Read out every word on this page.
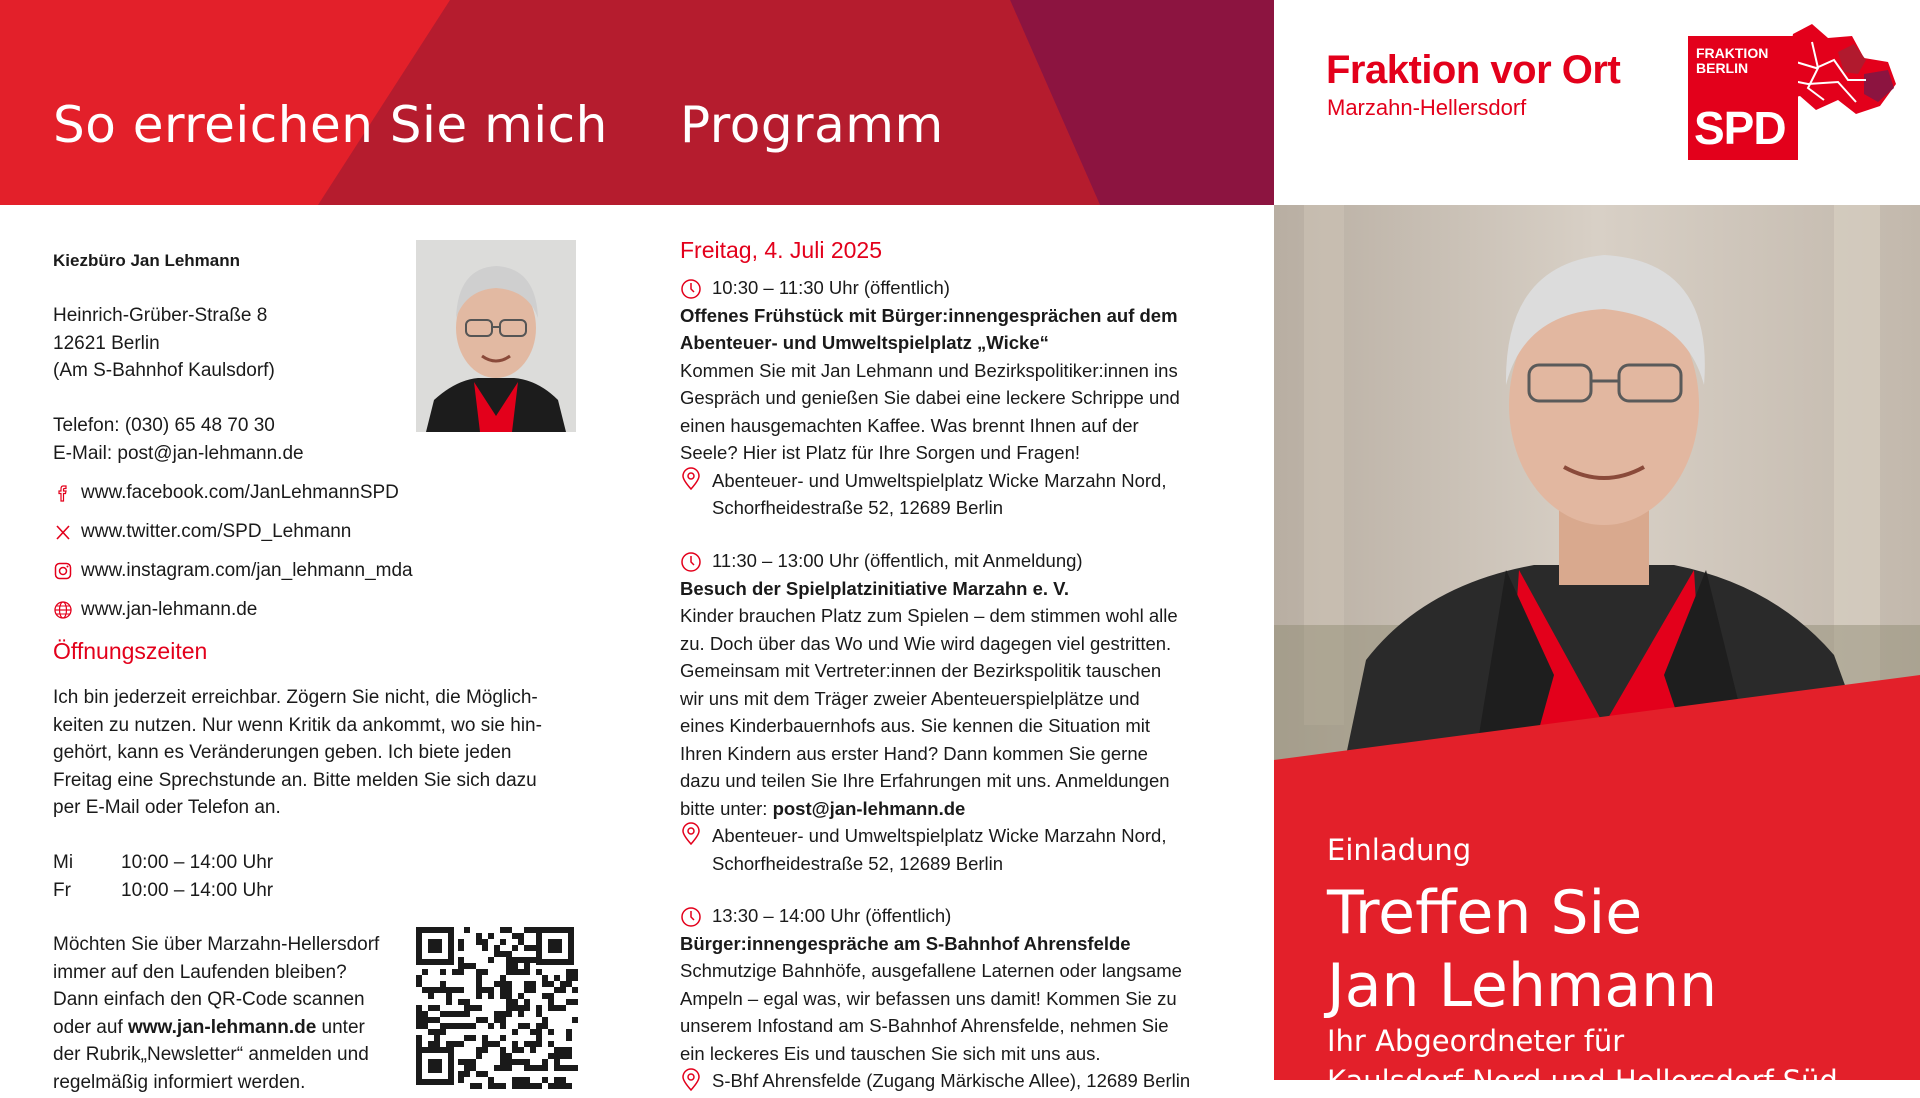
So erreichen Sie mich Programm
Fraktion vor Ort
Marzahn-Hellersdorf
FRAKTION
BERLIN
SPD
Kiezbüro Jan Lehmann
Heinrich-Grüber-Straße 8
12621 Berlin
(Am S-Bahnhof Kaulsdorf)
Telefon: (030) 65 48 70 30
E-Mail: post@jan-lehmann.de
www.facebook.com/JanLehmannSPD
www.twitter.com/SPD_Lehmann
www.instagram.com/jan_lehmann_mda
www.jan-lehmann.de
Öffnungszeiten
Ich bin jederzeit erreichbar. Zögern Sie nicht, die Möglich-
keiten zu nutzen. Nur wenn Kritik da ankommt, wo sie hin-
gehört, kann es Veränderungen geben. Ich biete jeden
Freitag eine Sprechstunde an. Bitte melden Sie sich dazu
per E-Mail oder Telefon an.
Mi	10:00 – 14:00 Uhr
Fr	10:00 – 14:00 Uhr
Möchten Sie über Marzahn-Hellersdorf
immer auf den Laufenden bleiben?
Dann einfach den QR-Code scannen
oder auf www.jan-lehmann.de unter
der Rubrik„Newsletter“ anmelden und
regelmäßig informiert werden.
Freitag, 4. Juli 2025
10:30 – 11:30 Uhr (öffentlich)
Offenes Frühstück mit Bürger:innengesprächen auf dem
Abenteuer- und Umweltspielplatz „Wicke“
Kommen Sie mit Jan Lehmann und Bezirkspolitiker:innen ins
Gespräch und genießen Sie dabei eine leckere Schrippe und
einen hausgemachten Kaffee. Was brennt Ihnen auf der
Seele? Hier ist Platz für Ihre Sorgen und Fragen!
Abenteuer- und Umweltspielplatz Wicke Marzahn Nord,
Schorfheidestraße 52, 12689 Berlin
11:30 – 13:00 Uhr (öffentlich, mit Anmeldung)
Besuch der Spielplatzinitiative Marzahn e. V.
Kinder brauchen Platz zum Spielen – dem stimmen wohl alle
zu. Doch über das Wo und Wie wird dagegen viel gestritten.
Gemeinsam mit Vertreter:innen der Bezirkspolitik tauschen
wir uns mit dem Träger zweier Abenteuerspielplätze und
eines Kinderbauernhofs aus. Sie kennen die Situation mit
Ihren Kindern aus erster Hand? Dann kommen Sie gerne
dazu und teilen Sie Ihre Erfahrungen mit uns. Anmeldungen
bitte unter: post@jan-lehmann.de
Abenteuer- und Umweltspielplatz Wicke Marzahn Nord,
Schorfheidestraße 52, 12689 Berlin
13:30 – 14:00 Uhr (öffentlich)
Bürger:innengespräche am S-Bahnhof Ahrensfelde
Schmutzige Bahnhöfe, ausgefallene Laternen oder langsame
Ampeln – egal was, wir befassen uns damit! Kommen Sie zu
unserem Infostand am S-Bahnhof Ahrensfelde, nehmen Sie
ein leckeres Eis und tauschen Sie sich mit uns aus.
S-Bhf Ahrensfelde (Zugang Märkische Allee), 12689 Berlin
Einladung
Treffen Sie
Jan Lehmann
Ihr Abgeordneter für
Kaulsdorf-Nord und Hellersdorf-Süd
